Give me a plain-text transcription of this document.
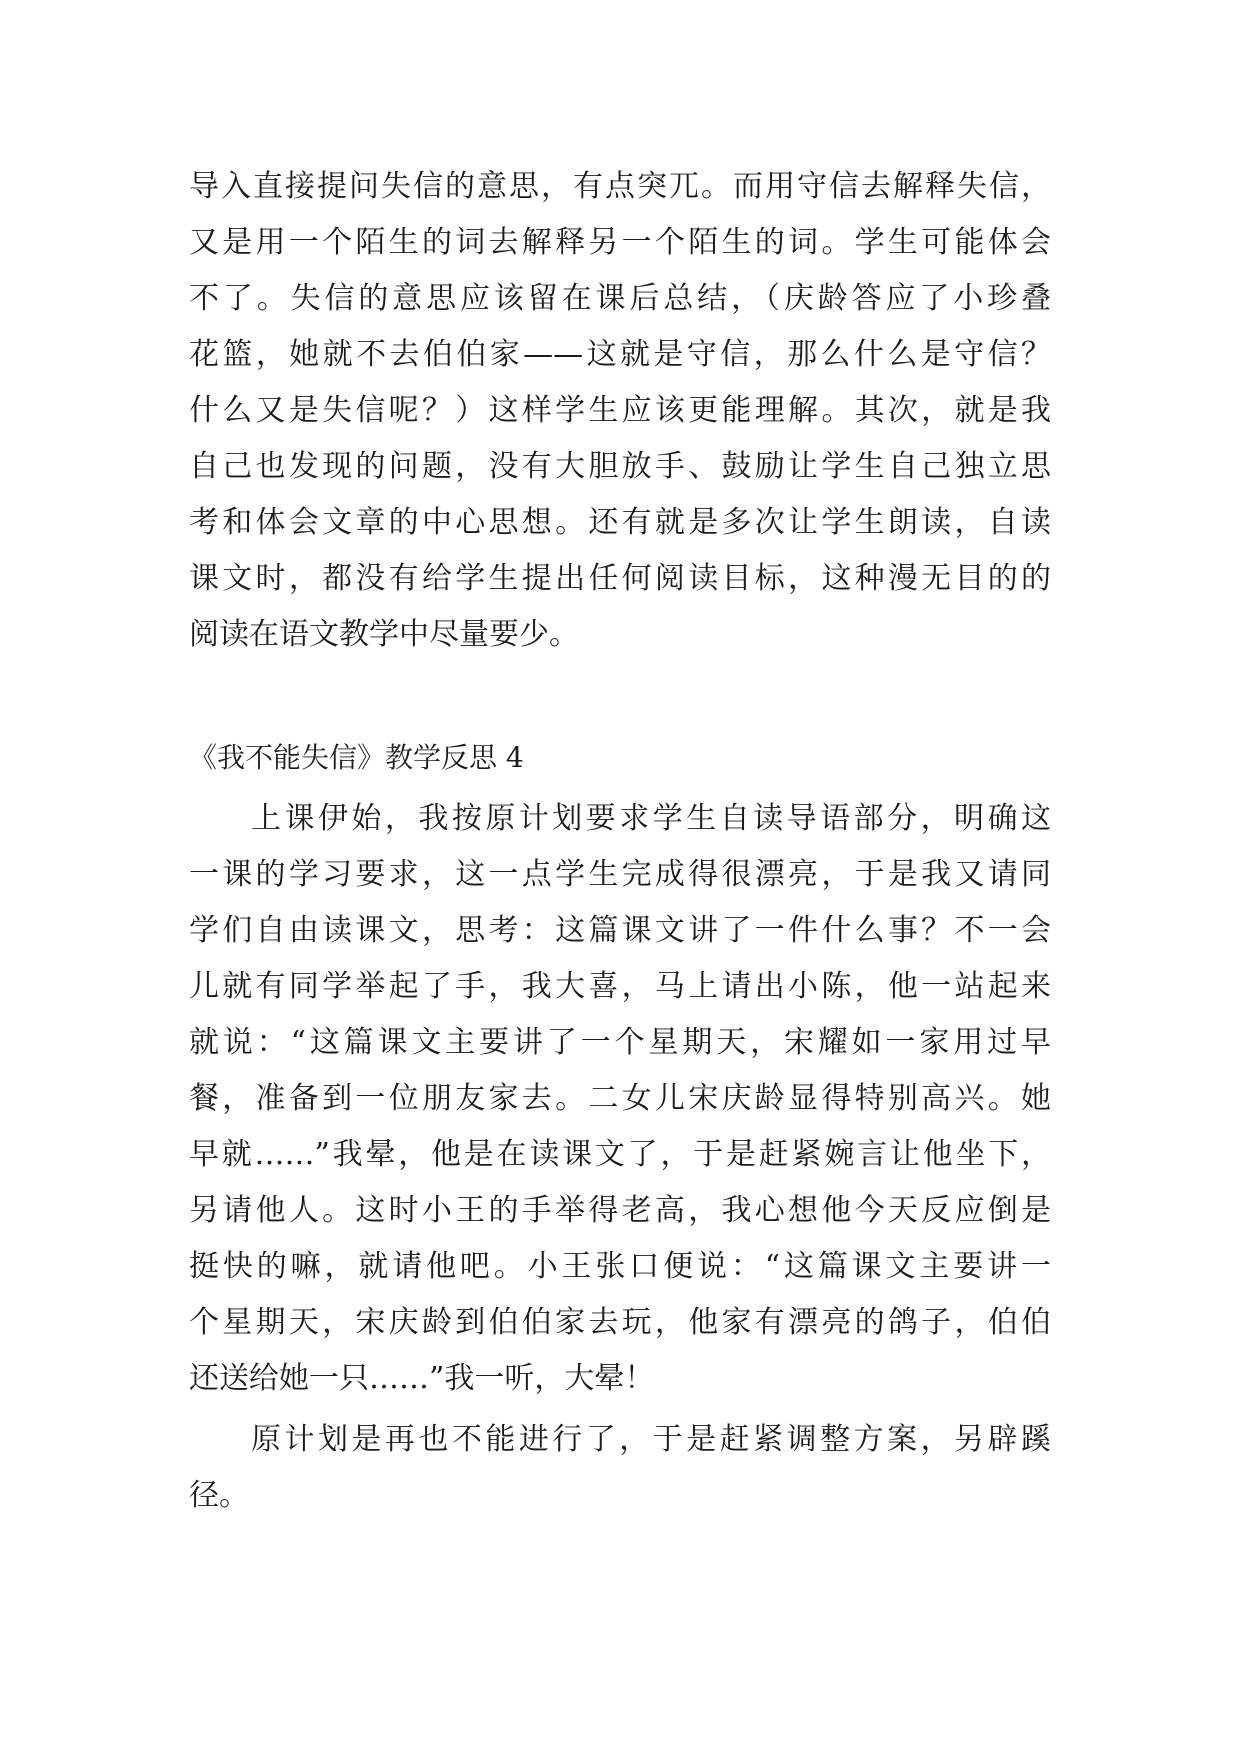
导入直接提问失信的意思，有点突兀。而用守信去解释失信，
又是用一个陌生的词去解释另一个陌生的词。学生可能体会
不了。失信的意思应该留在课后总结，（庆龄答应了小珍叠
花篮，她就不去伯伯家——这就是守信，那么什么是守信？
什么又是失信呢？）这样学生应该更能理解。其次，就是我
自己也发现的问题，没有大胆放手、鼓励让学生自己独立思
考和体会文章的中心思想。还有就是多次让学生朗读，自读
课文时，都没有给学生提出任何阅读目标，这种漫无目的的
阅读在语文教学中尽量要少。
《我不能失信》教学反思 4
上课伊始，我按原计划要求学生自读导语部分，明确这
一课的学习要求，这一点学生完成得很漂亮，于是我又请同
学们自由读课文，思考：这篇课文讲了一件什么事？不一会
儿就有同学举起了手，我大喜，马上请出小陈，他一站起来
就说：“这篇课文主要讲了一个星期天，宋耀如一家用过早
餐，准备到一位朋友家去。二女儿宋庆龄显得特别高兴。她
早就……”我晕，他是在读课文了，于是赶紧婉言让他坐下，
另请他人。这时小王的手举得老高，我心想他今天反应倒是
挺快的嘛，就请他吧。小王张口便说：“这篇课文主要讲一
个星期天，宋庆龄到伯伯家去玩，他家有漂亮的鸽子，伯伯
还送给她一只……”我一听，大晕！
原计划是再也不能进行了，于是赶紧调整方案，另辟蹊
径。
